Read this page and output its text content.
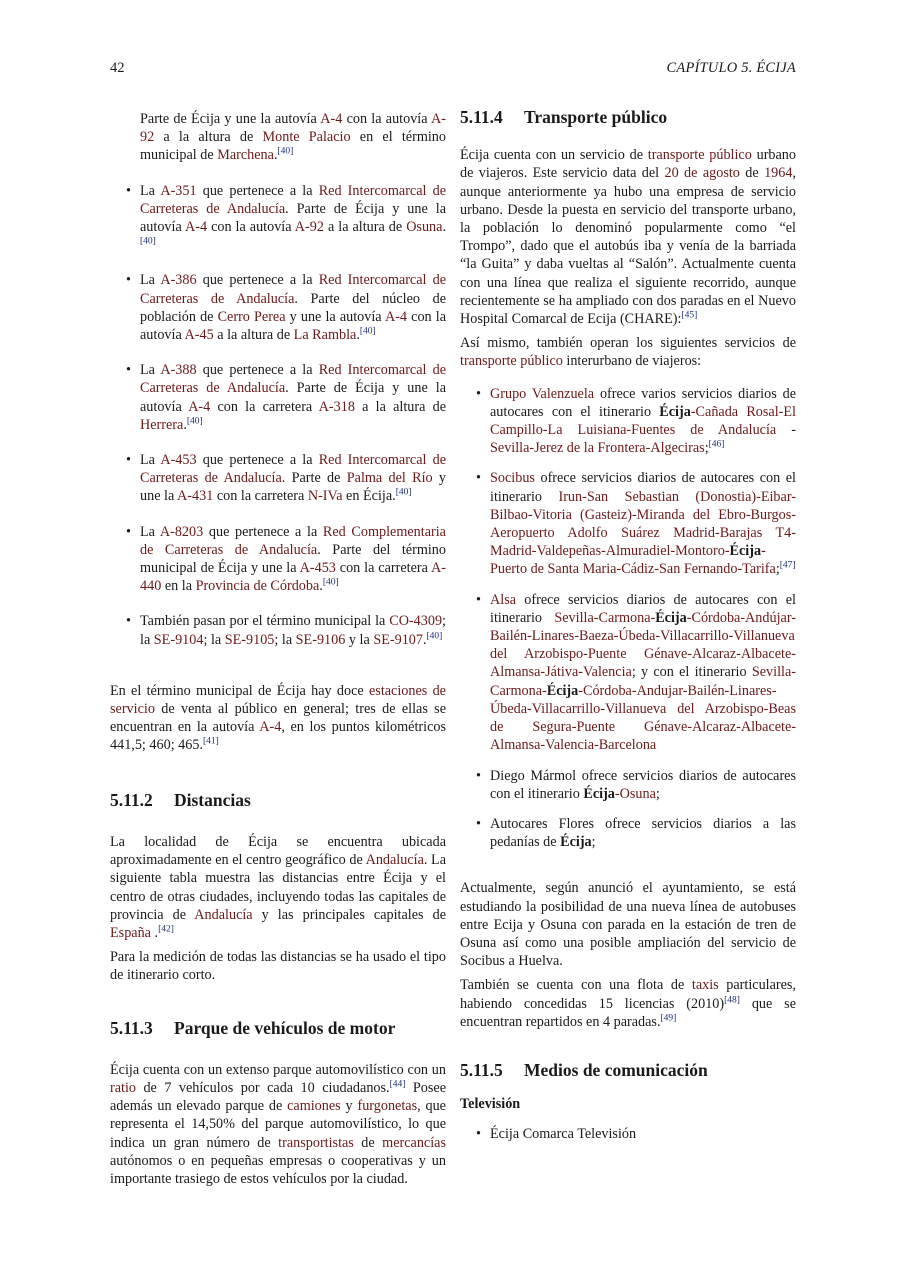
42	CAPÍTULO 5. ÉCIJA

Parte de Écija y une la autovía A-4 con la autovía A-92 a la altura de Monte Palacio en el término municipal de Marchena.[40]

• La A-351 que pertenece a la Red Intercomarcal de Carreteras de Andalucía. Parte de Écija y une la autovía A-4 con la autovía A-92 a la altura de Osuna.[40]
• La A-386 que pertenece a la Red Intercomarcal de Carreteras de Andalucía. Parte del núcleo de población de Cerro Perea y une la autovía A-4 con la autovía A-45 a la altura de La Rambla.[40]
• La A-388 que pertenece a la Red Intercomarcal de Carreteras de Andalucía. Parte de Écija y une la autovía A-4 con la carretera A-318 a la altura de Herrera.[40]
• La A-453 que pertenece a la Red Intercomarcal de Carreteras de Andalucía. Parte de Palma del Río y une la A-431 con la carretera N-IVa en Écija.[40]
• La A-8203 que pertenece a la Red Complementaria de Carreteras de Andalucía. Parte del término municipal de Écija y une la A-453 con la carretera A-440 en la Provincia de Córdoba.[40]
• También pasan por el término municipal la CO-4309; la SE-9104; la SE-9105; la SE-9106 y la SE-9107.[40]

En el término municipal de Écija hay doce estaciones de servicio de venta al público en general; tres de ellas se encuentran en la autovía A-4, en los puntos kilométricos 441,5; 460; 465.[41]

5.11.2 Distancias

La localidad de Écija se encuentra ubicada aproximadamente en el centro geográfico de Andalucía. La siguiente tabla muestra las distancias entre Écija y el centro de otras ciudades, incluyendo todas las capitales de provincia de Andalucía y las principales capitales de España .[42]

Para la medición de todas las distancias se ha usado el tipo de itinerario corto.

5.11.3 Parque de vehículos de motor

Écija cuenta con un extenso parque automovilístico con un ratio de 7 vehículos por cada 10 ciudadanos.[44] Posee además un elevado parque de camiones y furgonetas, que representa el 14,50% del parque automovilístico, lo que indica un gran número de transportistas de mercancías autónomos o en pequeñas empresas o cooperativas y un importante trasiego de estos vehículos por la ciudad.

5.11.4 Transporte público

Écija cuenta con un servicio de transporte público urbano de viajeros. Este servicio data del 20 de agosto de 1964, aunque anteriormente ya hubo una empresa de servicio urbano. Desde la puesta en servicio del transporte urbano, la población lo denominó popularmente como “el Trompo”, dado que el autobús iba y venía de la barriada “la Guita” y daba vueltas al “Salón”. Actualmente cuenta con una línea que realiza el siguiente recorrido, aunque recientemente se ha ampliado con dos paradas en el Nuevo Hospital Comarcal de Ecija (CHARE):[45]

Así mismo, también operan los siguientes servicios de transporte público interurbano de viajeros:

• Grupo Valenzuela ofrece varios servicios diarios de autocares con el itinerario Écija-Cañada Rosal-El Campillo-La Luisiana-Fuentes de Andalucía - Sevilla-Jerez de la Frontera-Algeciras;[46]
• Socibus ofrece servicios diarios de autocares con el itinerario Irun-San Sebastian (Donostia)-Eibar-Bilbao-Vitoria (Gasteiz)-Miranda del Ebro-Burgos-Aeropuerto Adolfo Suárez Madrid-Barajas T4-Madrid-Valdepeñas-Almuradiel-Montoro-Écija-Puerto de Santa Maria-Cádiz-San Fernando-Tarifa;[47]
• Alsa ofrece servicios diarios de autocares con el itinerario Sevilla-Carmona-Écija-Córdoba-Andújar-Bailén-Linares-Baeza-Úbeda-Villacarrillo-Villanueva del Arzobispo-Puente Génave-Alcaraz-Albacete-Almansa-Játiva-Valencia; y con el itinerario Sevilla-Carmona-Écija-Córdoba-Andujar-Bailén-Linares-Úbeda-Villacarrillo-Villanueva del Arzobispo-Beas de Segura-Puente Génave-Alcaraz-Albacete-Almansa-Valencia-Barcelona
• Diego Mármol ofrece servicios diarios de autocares con el itinerario Écija-Osuna;
• Autocares Flores ofrece servicios diarios a las pedanías de Écija;

Actualmente, según anunció el ayuntamiento, se está estudiando la posibilidad de una nueva línea de autobuses entre Ecija y Osuna con parada en la estación de tren de Osuna así como una posible ampliación del servicio de Socibus a Huelva.

También se cuenta con una flota de taxis particulares, habiendo concedidas 15 licencias (2010)[48] que se encuentran repartidos en 4 paradas.[49]

5.11.5 Medios de comunicación
Televisión
• Écija Comarca Televisión
